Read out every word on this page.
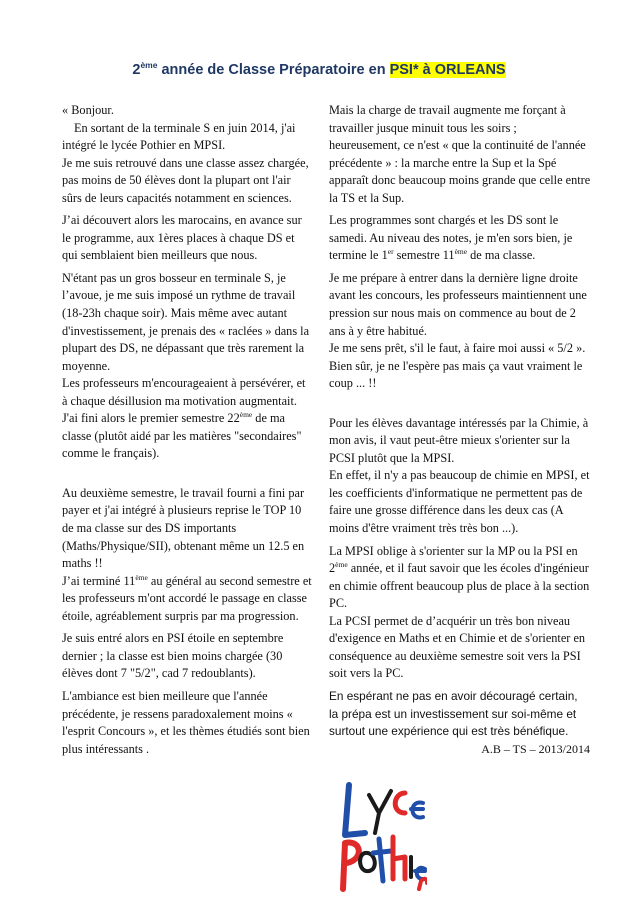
2ème année de Classe Préparatoire en PSI* à ORLEANS

« Bonjour.

En sortant de la terminale S en juin 2014, j'ai intégré le lycée Pothier en MPSI.

Je me suis retrouvé dans une classe assez chargée, pas moins de 50 élèves dont la plupart ont l'air sûrs de leurs capacités notamment en sciences.

J’ai découvert alors les marocains, en avance sur le programme, aux 1ères places à chaque DS et qui semblaient bien meilleurs que nous.

N'étant pas un gros bosseur en terminale S, je l’avoue, je me suis imposé un rythme de travail (18-23h chaque soir). Mais même avec autant d'investissement, je prenais des « raclées » dans la plupart des DS, ne dépassant que très rarement la moyenne.

Les professeurs m'encourageaient à persévérer, et à chaque désillusion ma motivation augmentait. J'ai fini alors le premier semestre 22ème de ma classe (plutôt aidé par les matières "secondaires" comme le français).

Au deuxième semestre, le travail fourni a fini par payer et j'ai intégré à plusieurs reprise le TOP 10 de ma classe sur des DS importants (Maths/Physique/SII), obtenant même un 12.5 en maths !!

J’ai terminé 11ème au général au second semestre et les professeurs m'ont accordé le passage en classe étoile, agréablement surpris par ma progression.

Je suis entré alors en PSI étoile en septembre dernier ; la classe est bien moins chargée (30 élèves dont 7 "5/2", cad 7 redoublants).

L'ambiance est bien meilleure que l'année précédente, je ressens paradoxalement moins « l'esprit Concours », et les thèmes étudiés sont bien plus intéressants .

Mais la charge de travail augmente me forçant à travailler jusque minuit tous les soirs ; heureusement, ce n'est « que la continuité de l'année précédente » : la marche entre la Sup et la Spé apparaît donc beaucoup moins grande que celle entre la TS et la Sup.

Les programmes sont chargés et les DS sont le samedi. Au niveau des notes, je m'en sors bien, je termine le 1er semestre 11ème de ma classe.

Je me prépare à entrer dans la dernière ligne droite avant les concours, les professeurs maintiennent une pression sur nous mais on commence au bout de 2 ans à y être habitué.

Je me sens prêt, s'il le faut, à faire moi aussi « 5/2 ». Bien sûr, je ne l'espère pas mais ça vaut vraiment le coup ... !!

Pour les élèves davantage intéressés par la Chimie, à mon avis, il vaut peut-être mieux s'orienter sur la PCSI plutôt que la MPSI.

En effet, il n'y a pas beaucoup de chimie en MPSI, et les coefficients d'informatique ne permettent pas de faire une grosse différence dans les deux cas (A moins d'être vraiment très très bon ...).

La MPSI oblige à s'orienter sur la MP ou la PSI en 2ème année, et il faut savoir que les écoles d'ingénieur en chimie offrent beaucoup plus de place à la section PC.

La PCSI permet de d’acquérir un très bon niveau d'exigence en Maths et en Chimie et de s'orienter en conséquence au deuxième semestre soit vers la PSI soit vers la PC.

En espérant ne pas en avoir découragé certain,

la prépa est un investissement sur soi-même et surtout une expérience qui est très bénéfique.

A.B – TS – 2013/2014
